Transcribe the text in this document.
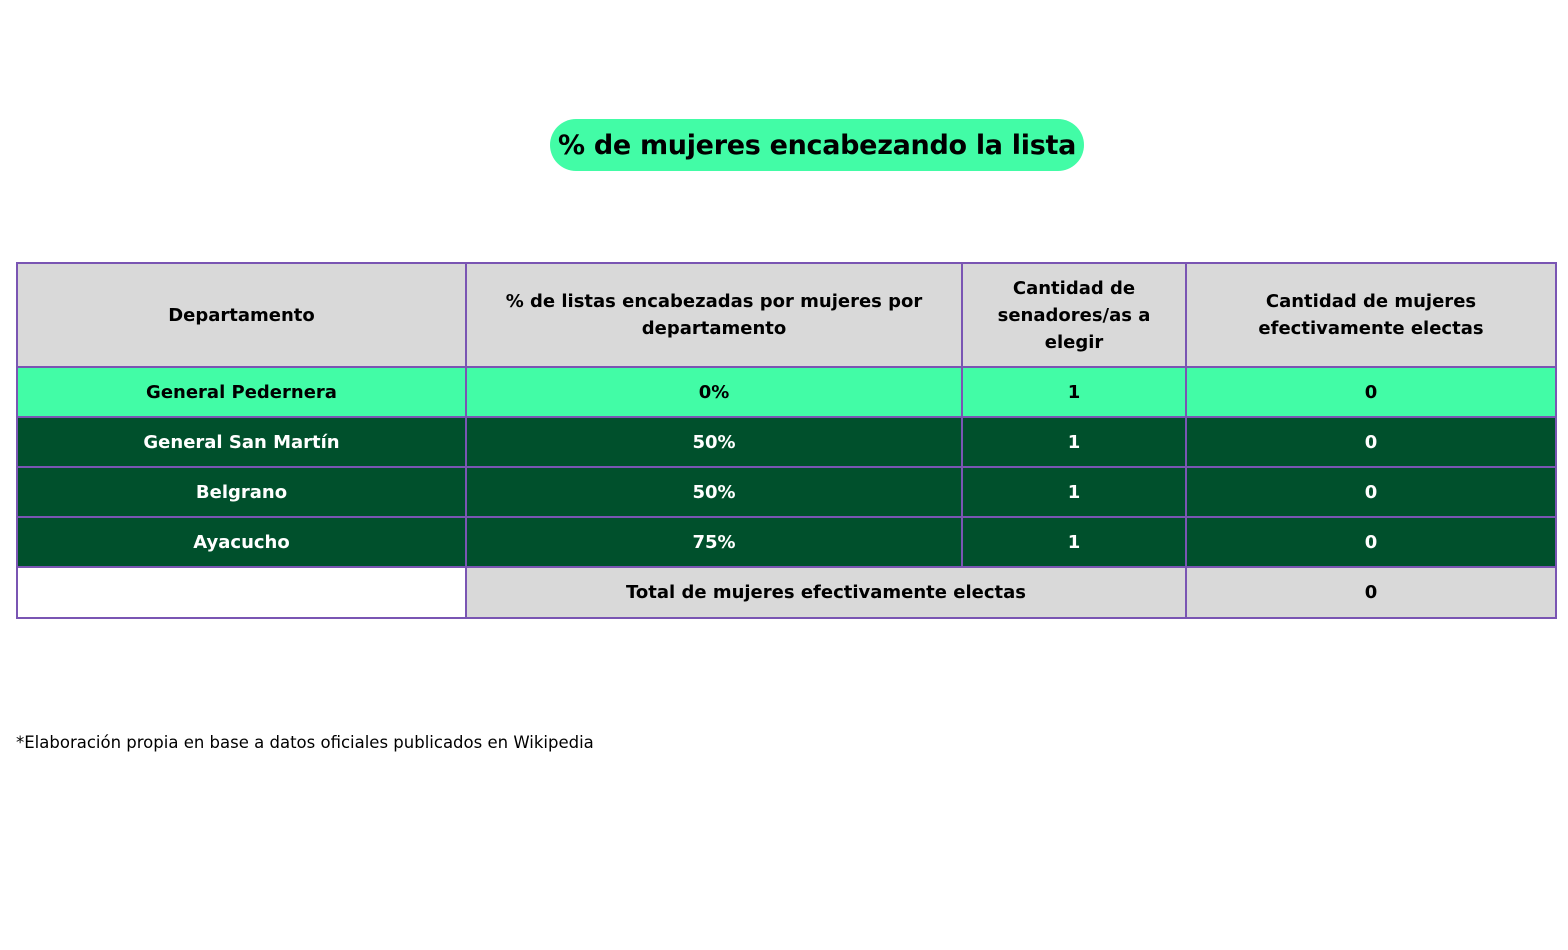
% de mujeres encabezando la lista
Departamento	% de listas encabezadas por mujeres por departamento	Cantidad de senadores/as a elegir	Cantidad de mujeres efectivamente electas
General Pedernera	0%	1	0
General San Martín	50%	1	0
Belgrano	50%	1	0
Ayacucho	75%	1	0
	Total de mujeres efectivamente electas		0
*Elaboración propia en base a datos oficiales publicados en Wikipedia
